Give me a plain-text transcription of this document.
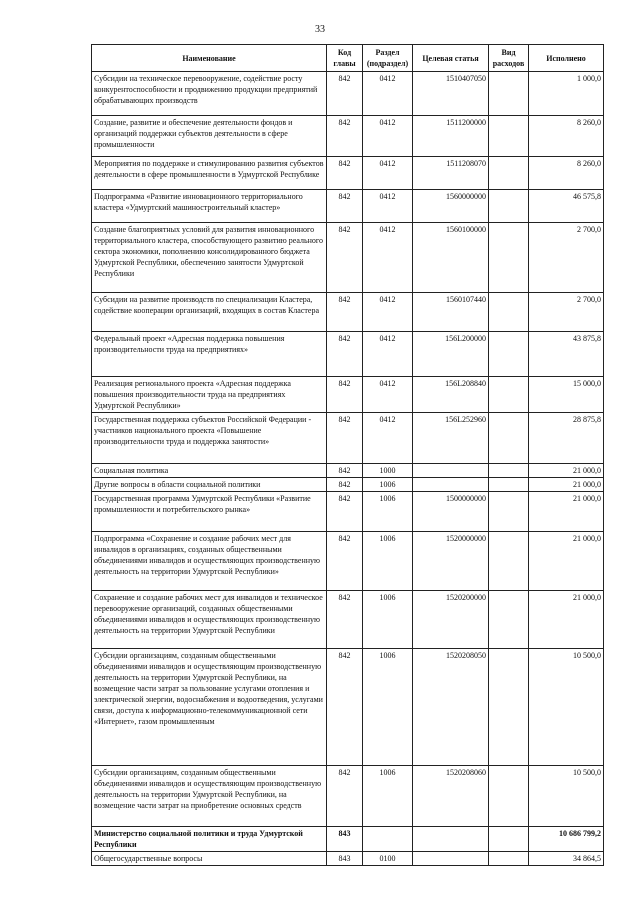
33
Наименование	Код главы	Раздел (подраздел)	Целевая статья	Вид расходов	Исполнено
Субсидии на техническое перевооружение, содействие росту конкурентоспособности и продвижению продукции предприятий обрабатывающих производств	842	0412	1510407050		1 000,0
Создание, развитие и обеспечение деятельности фондов и организаций поддержки субъектов деятельности в сфере промышленности	842	0412	1511200000		8 260,0
Мероприятия по поддержке и стимулированию развития субъектов деятельности в сфере промышленности в Удмуртской Республике	842	0412	1511208070		8 260,0
Подпрограмма «Развитие инновационного территориального кластера «Удмуртский машиностроительный кластер»	842	0412	1560000000		46 575,8
Создание благоприятных условий для развития инновационного территориального кластера, способствующего развитию реального сектора экономики, пополнению консолидированного бюджета Удмуртской Республики, обеспечению занятости Удмуртской Республики	842	0412	1560100000		2 700,0
Субсидии на развитие производств по специализации Кластера, содействие кооперации организаций, входящих в состав Кластера	842	0412	1560107440		2 700,0
Федеральный проект «Адресная поддержка повышения производительности труда на предприятиях»	842	0412	156L200000		43 875,8
Реализация регионального проекта «Адресная поддержка повышения производительности труда на предприятиях Удмуртской Республики»	842	0412	156L208840		15 000,0
Государственная поддержка субъектов Российской Федерации - участников национального проекта «Повышение производительности труда и поддержка занятости»	842	0412	156L252960		28 875,8
Социальная политика	842	1000			21 000,0
Другие вопросы в области социальной политики	842	1006			21 000,0
Государственная программа Удмуртской Республики «Развитие промышленности и потребительского рынка»	842	1006	1500000000		21 000,0
Подпрограмма «Сохранение и создание рабочих мест для инвалидов в организациях, созданных общественными объединениями инвалидов и осуществляющих производственную деятельность на территории Удмуртской Республики»	842	1006	1520000000		21 000,0
Сохранение и создание рабочих мест для инвалидов и техническое перевооружение организаций, созданных общественными объединениями инвалидов и осуществляющих производственную деятельность на территории Удмуртской Республики	842	1006	1520200000		21 000,0
Субсидии организациям, созданным общественными объединениями инвалидов и осуществляющим производственную деятельность на территории Удмуртской Республики, на возмещение части затрат за пользование услугами отопления и электрической энергии, водоснабжения и водоотведения, услугами связи, доступа к информационно-телекоммуникационной сети «Интернет», газом промышленным	842	1006	1520208050		10 500,0
Субсидии организациям, созданным общественными объединениями инвалидов и осуществляющим производственную деятельность на территории Удмуртской Республики, на возмещение части затрат на приобретение основных средств	842	1006	1520208060		10 500,0
Министерство социальной политики и труда Удмуртской Республики	843				10 686 799,2
Общегосударственные вопросы	843	0100			34 864,5
